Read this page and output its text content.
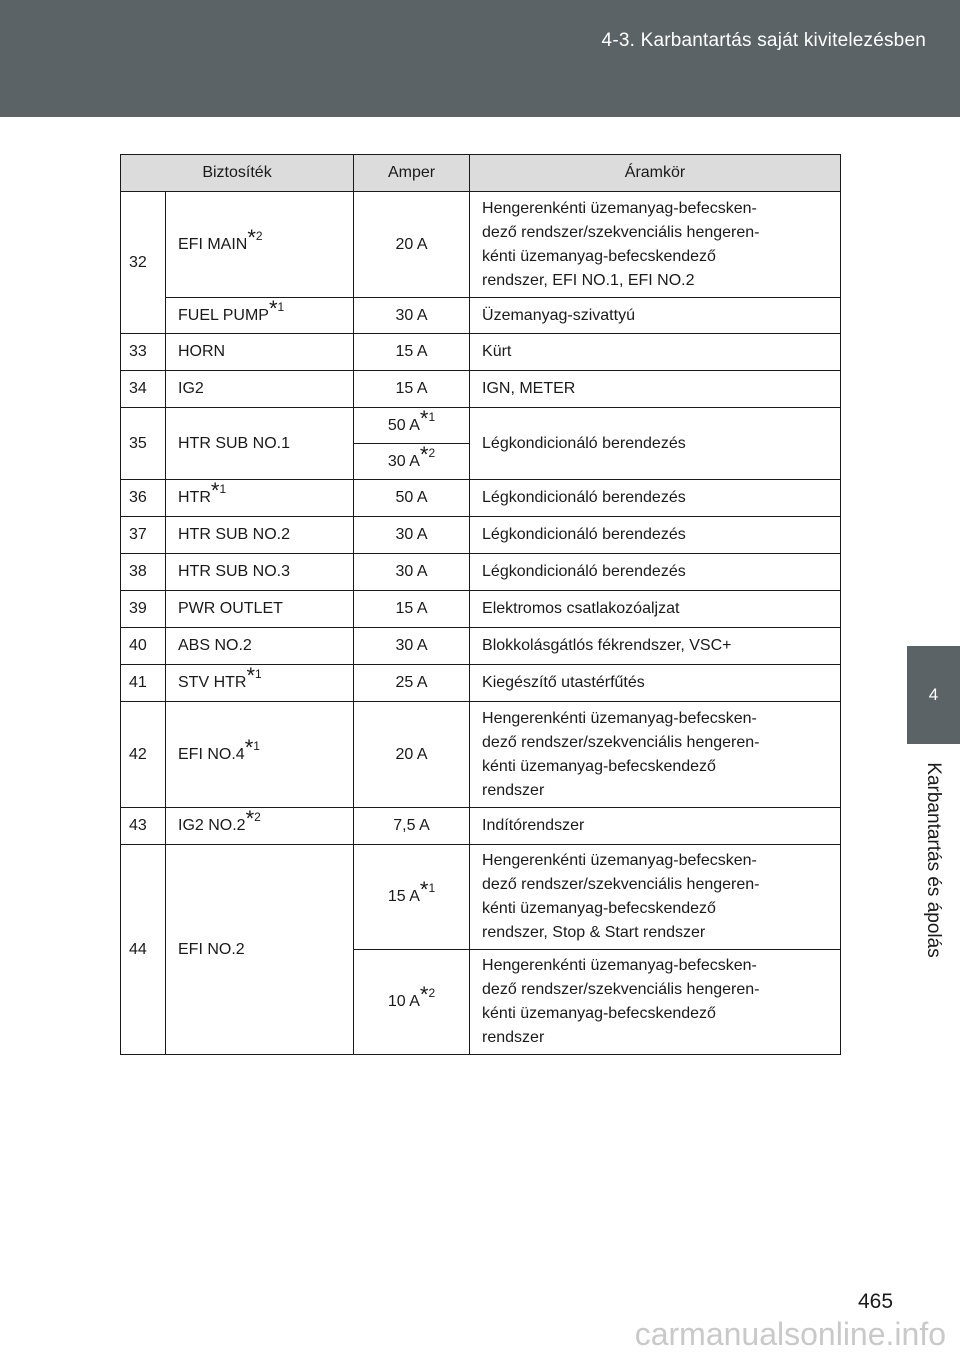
4-3. Karbantartás saját kivitelezésben
4
Karbantartás és ápolás
Biztosíték		Amper	Áramkör
32	EFI MAIN*$^2$	20 A	Hengerenkénti üzemanyag-befecsken-
dező rendszer/szekvenciális hengeren-
kénti üzemanyag-befecskendező
rendszer, EFI NO.1, EFI NO.2
	FUEL PUMP*$^1$	30 A	Üzemanyag-szivattyú
33	HORN	15 A	Kürt
34	IG2	15 A	IGN, METER
35	HTR SUB NO.1	50 A*$^1$	Légkondicionáló berendezés
		30 A*$^2$
36	HTR*$^1$	50 A	Légkondicionáló berendezés
37	HTR SUB NO.2	30 A	Légkondicionáló berendezés
38	HTR SUB NO.3	30 A	Légkondicionáló berendezés
39	PWR OUTLET	15 A	Elektromos csatlakozóaljzat
40	ABS NO.2	30 A	Blokkolásgátlós fékrendszer, VSC+
41	STV HTR*$^1$	25 A	Kiegészítő utastérfűtés
42	EFI NO.4*$^1$	20 A	Hengerenkénti üzemanyag-befecsken-
dező rendszer/szekvenciális hengeren-
kénti üzemanyag-befecskendező
rendszer
43	IG2 NO.2*$^2$	7,5 A	Indítórendszer
44	EFI NO.2	15 A*$^1$	Hengerenkénti üzemanyag-befecsken-
dező rendszer/szekvenciális hengeren-
kénti üzemanyag-befecskendező
rendszer, Stop & Start rendszer
		10 A*$^2$	Hengerenkénti üzemanyag-befecsken-
dező rendszer/szekvenciális hengeren-
kénti üzemanyag-befecskendező
rendszer
465
carmanualsonline.info
